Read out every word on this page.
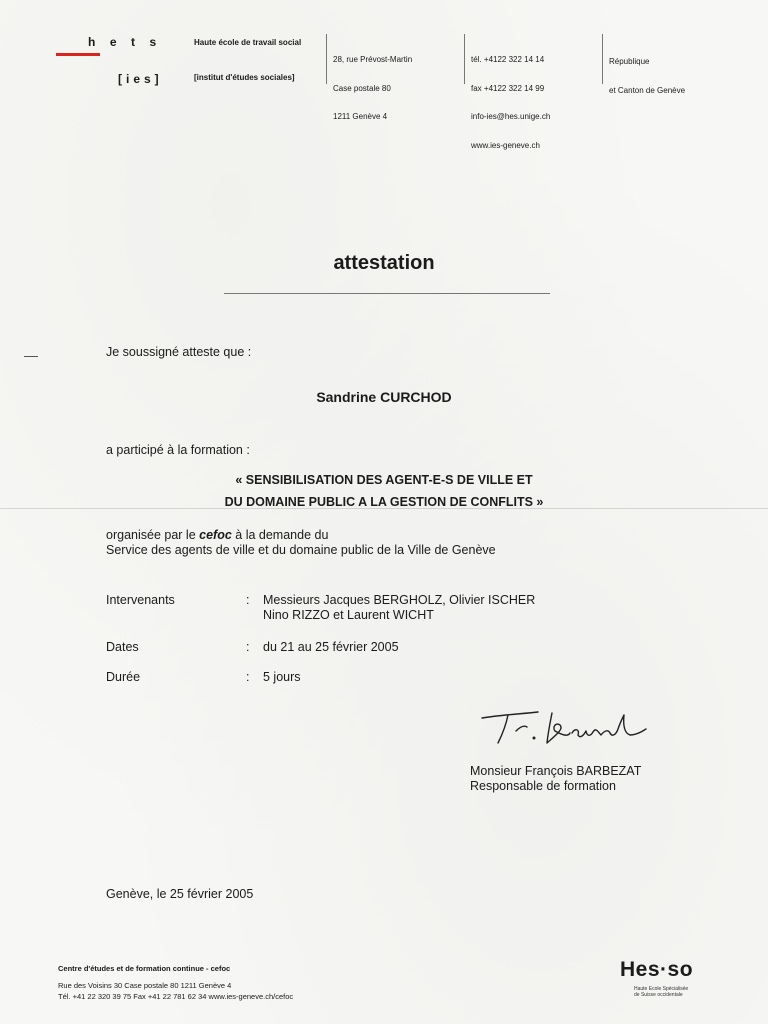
hets
[ies]
Haute école de travail social
[institut d'études sociales]

28, rue Prévost-Martin

Case postale 80

1211 Genève 4

tél. +4122 322 14 14

fax +4122 322 14 99

info-ies@hes.unige.ch

www.ies-geneve.ch

République

et Canton de Genève

attestation
Je soussigné atteste que :
Sandrine CURCHOD
a participé à la formation :
« SENSIBILISATION DES AGENT-E-S DE VILLE ET
DU DOMAINE PUBLIC A LA GESTION DE CONFLITS »
organisée par le cefoc à la demande du
Service des agents de ville et du domaine public de la Ville de Genève
Intervenants	: Messieurs Jacques BERGHOLZ, Olivier ISCHER
Nino RIZZO et Laurent WICHT
Dates	: du 21 au 25 février 2005
Durée	: 5 jours
Monsieur François BARBEZAT
Responsable de formation
Genève, le 25 février 2005
Centre d'études et de formation continue - cefoc
Rue des Voisins 30 Case postale 80 1211 Genève 4
Tél. +41 22 320 39 75 Fax +41 22 781 62 34 www.ies-geneve.ch/cefoc
Hes·so
Haute Ecole Spécialisée
de Suisse occidentale
